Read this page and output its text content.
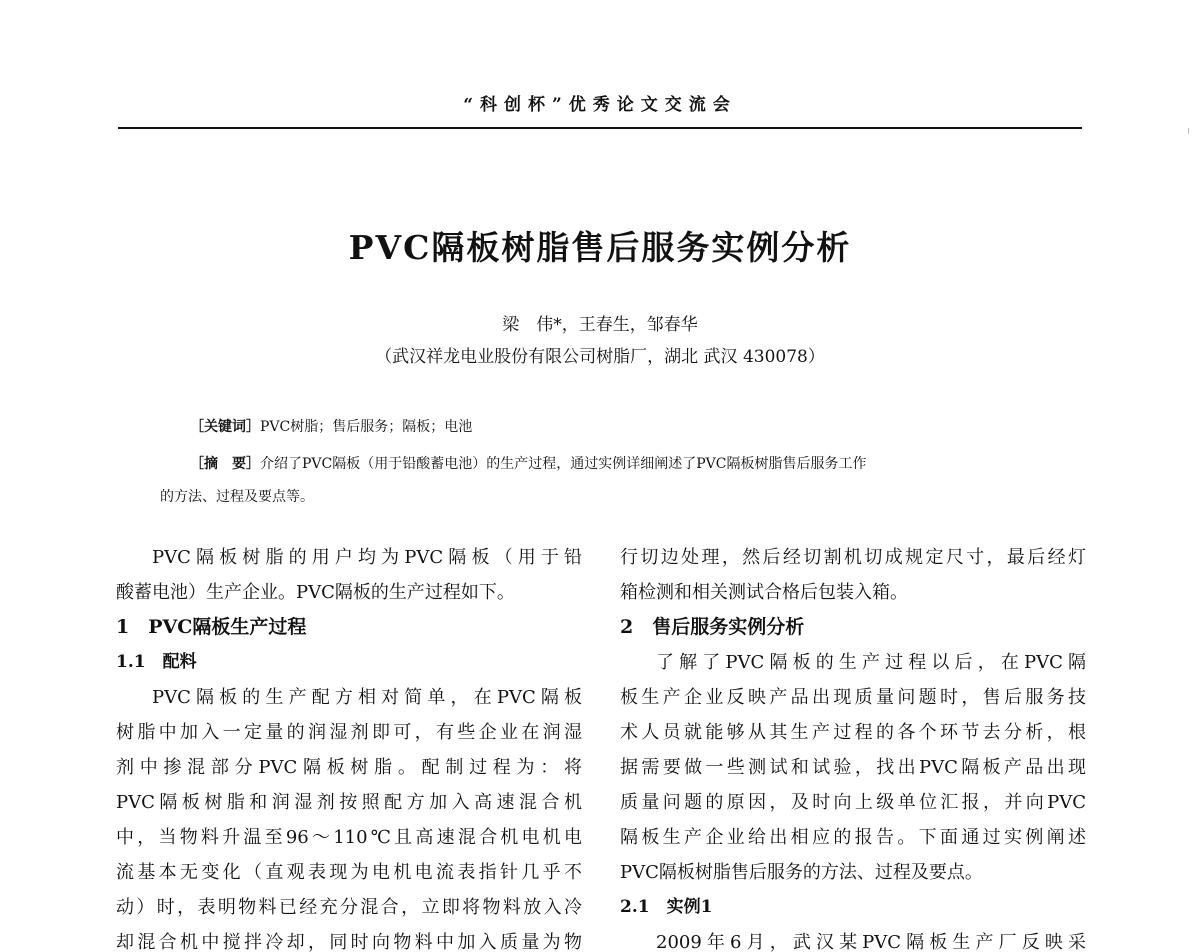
“科创杯”优秀论文交流会
PVC隔板树脂售后服务实例分析
梁　伟*，王春生，邹春华
（武汉祥龙电业股份有限公司树脂厂，湖北 武汉 430078）
［关键词］PVC树脂；售后服务；隔板；电池
［摘　要］介绍了PVC隔板（用于铅酸蓄电池）的生产过程，通过实例详细阐述了PVC隔板树脂售后服务工作
的方法、过程及要点等。
PVC隔板树脂的用户均为PVC隔板（用于铅
酸蓄电池）生产企业。PVC隔板的生产过程如下。
1　PVC隔板生产过程
1.1　配料
PVC隔板的生产配方相对简单，在PVC隔板
树脂中加入一定量的润湿剂即可，有些企业在润湿
剂中掺混部分PVC隔板树脂。配制过程为：将
PVC隔板树脂和润湿剂按照配方加入高速混合机
中，当物料升温至96～110℃且高速混合机电机电
流基本无变化（直观表现为电机电流表指针几乎不
动）时，表明物料已经充分混合，立即将物料放入冷
却混合机中搅拌冷却，同时向物料中加入质量为物
行切边处理，然后经切割机切成规定尺寸，最后经灯
箱检测和相关测试合格后包装入箱。
2　售后服务实例分析
了解了PVC隔板的生产过程以后，在PVC隔
板生产企业反映产品出现质量问题时，售后服务技
术人员就能够从其生产过程的各个环节去分析，根
据需要做一些测试和试验，找出PVC隔板产品出现
质量问题的原因，及时向上级单位汇报，并向PVC
隔板生产企业给出相应的报告。下面通过实例阐述
PVC隔板树脂售后服务的方法、过程及要点。
2.1　实例1
2009年6月，武汉某PVC隔板生产厂反映采
